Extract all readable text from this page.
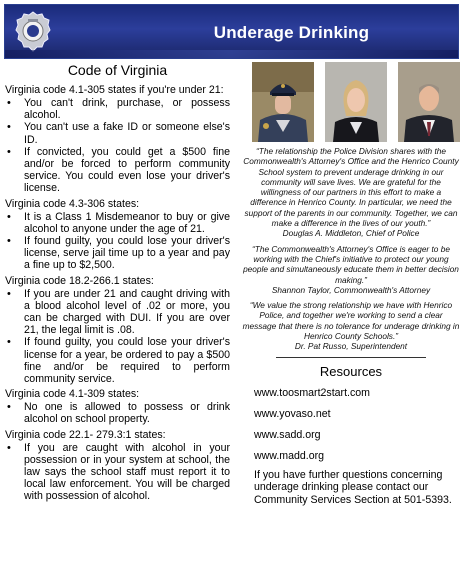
Underage Drinking
Code of Virginia
Virginia code 4.1-305 states if you're under 21:
• You can't drink, purchase, or possess alcohol.
• You can't use a fake ID or someone else's ID.
• If convicted, you could get a $500 fine and/or be forced to perform community service. You could even lose your driver's license.
Virginia code 4.3-306 states:
• It is a Class 1 Misdemeanor to buy or give alcohol to anyone under the age of 21.
• If found guilty, you could lose your driver's license, serve jail time up to a year and pay a fine up to $2,500.
Virginia code 18.2-266.1 states:
• If you are under 21 and caught driving with a blood alcohol level of .02 or more, you can be charged with DUI. If you are over 21, the legal limit is .08.
• If found guilty, you could lose your driver's license for a year, be ordered to pay a $500 fine and/or be required to perform community service.
Virginia code 4.1-309 states:
• No one is allowed to possess or drink alcohol on school property.
Virginia code 22.1- 279.3:1 states:
• If you are caught with alcohol in your possession or in your system at school, the law says the school staff must report it to local law enforcement. You will be charged with possession of alcohol.
“The relationship the Police Division shares with the Commonwealth's Attorney's Office and the Henrico County School system to prevent underage drinking in our community will save lives. We are grateful for the willingness of our partners in this effort to make a difference in Henrico County. In particular, we need the support of the parents in our community. Together, we can make a difference in the lives of our youth.”
Douglas A. Middleton, Chief of Police
“The Commonwealth's Attorney's Office is eager to be working with the Chief's initiative to protect our young people and simultaneously educate them in better decision making.”
Shannon Taylor, Commonwealth's Attorney
“We value the strong relationship we have with Henrico Police, and together we're working to send a clear message that there is no tolerance for underage drinking in Henrico County Schools.”
Dr. Pat Russo, Superintendent
Resources
www.toosmart2start.com
www.yovaso.net
www.sadd.org
www.madd.org
If you have further questions concerning underage drinking please contact our Community Services Section at 501-5393.
